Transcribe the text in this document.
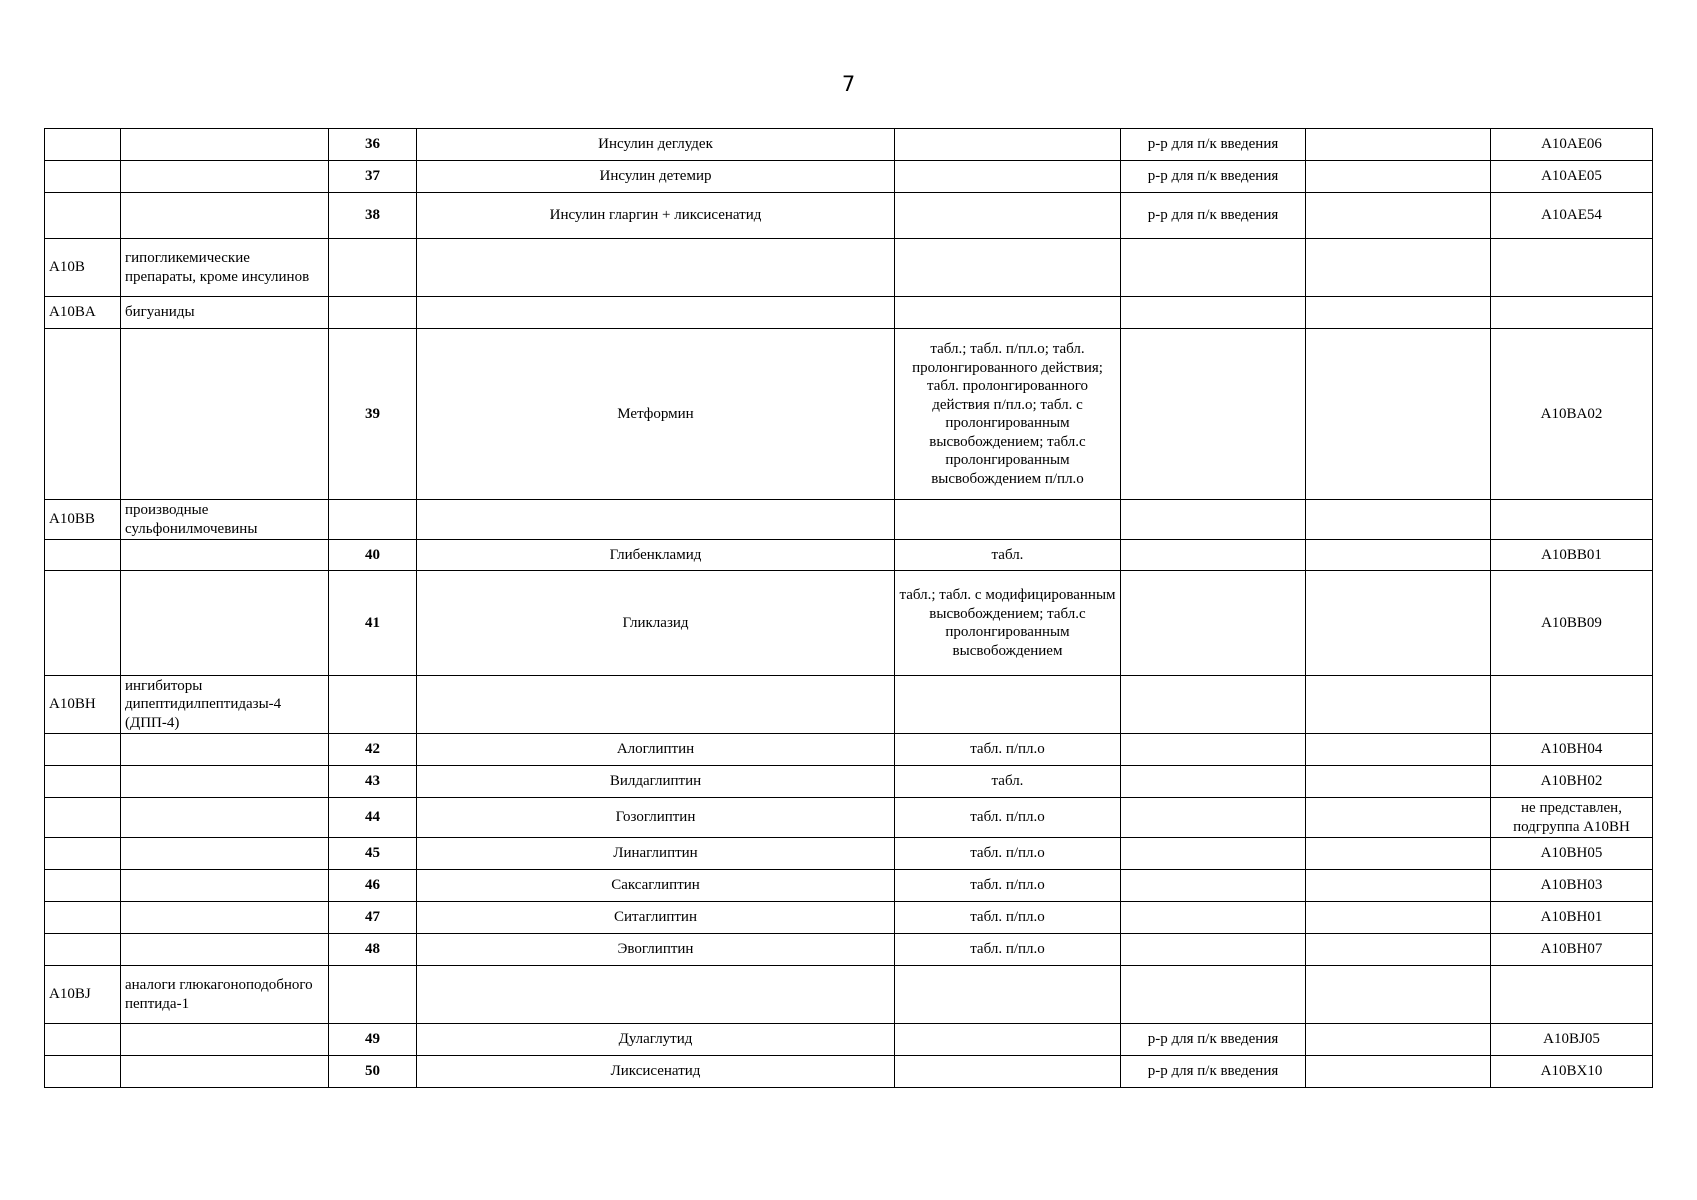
7
		36	Инсулин деглудек		р-р для п/к введения		A10AE06
		37	Инсулин детемир		р-р для п/к введения		A10AE05
		38	Инсулин гларгин + ликсисенатид		р-р для п/к введения		A10AE54
А10В	гипогликемические препараты, кроме инсулинов						
A10BA	бигуаниды						
		39	Метформин	табл.; табл. п/пл.о; табл. пролонгированного действия; табл. пролонгированного действия п/пл.о; табл. с пролонгированным высвобождением; табл.с пролонгированным высвобождением п/пл.о			A10BA02
A10BB	производные сульфонилмочевины						
		40	Глибенкламид	табл.			A10BB01
		41	Гликлазид	табл.; табл. с модифицированным высвобождением; табл.с пролонгированным высвобождением			A10BB09
A10BH	ингибиторы дипептидилпептидазы-4 (ДПП-4)						
		42	Алоглиптин	табл. п/пл.о			A10BH04
		43	Вилдаглиптин	табл.			A10BH02
		44	Гозоглиптин	табл. п/пл.о			не представлен, подгруппа A10BH
		45	Линаглиптин	табл. п/пл.о			A10BH05
		46	Саксаглиптин	табл. п/пл.о			A10BH03
		47	Ситаглиптин	табл. п/пл.о			A10BH01
		48	Эвоглиптин	табл. п/пл.о			A10BH07
A10BJ	аналоги глюкагоноподобного пептида-1						
		49	Дулаглутид		р-р для п/к введения		A10BJ05
		50	Ликсисенатид		р-р для п/к введения		A10BX10
